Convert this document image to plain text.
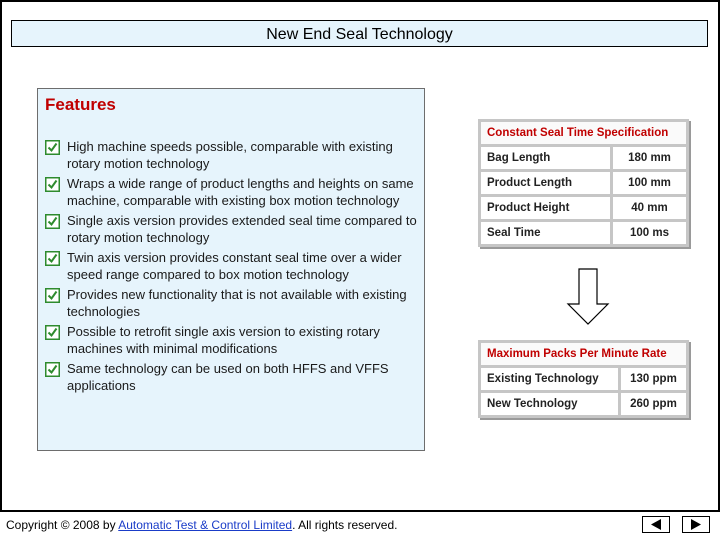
New End Seal Technology
Features
High machine speeds possible, comparable with existing rotary motion technology
Wraps a wide range of product lengths and heights on same machine, comparable with existing box motion technology
Single axis version provides extended seal time compared to rotary motion technology
Twin axis version provides constant seal time over a wider speed range compared to box motion technology
Provides new functionality that is not available with existing technologies
Possible to retrofit single axis version to existing rotary machines with minimal modifications
Same technology can be used on both HFFS and VFFS applications
Constant Seal Time Specification	
Bag Length	180 mm
Product Length	100 mm
Product Height	40 mm
Seal Time	100 ms
Maximum Packs Per Minute Rate	
Existing Technology	130 ppm
New Technology	260 ppm
Copyright © 2008 by Automatic Test & Control Limited. All rights reserved.
